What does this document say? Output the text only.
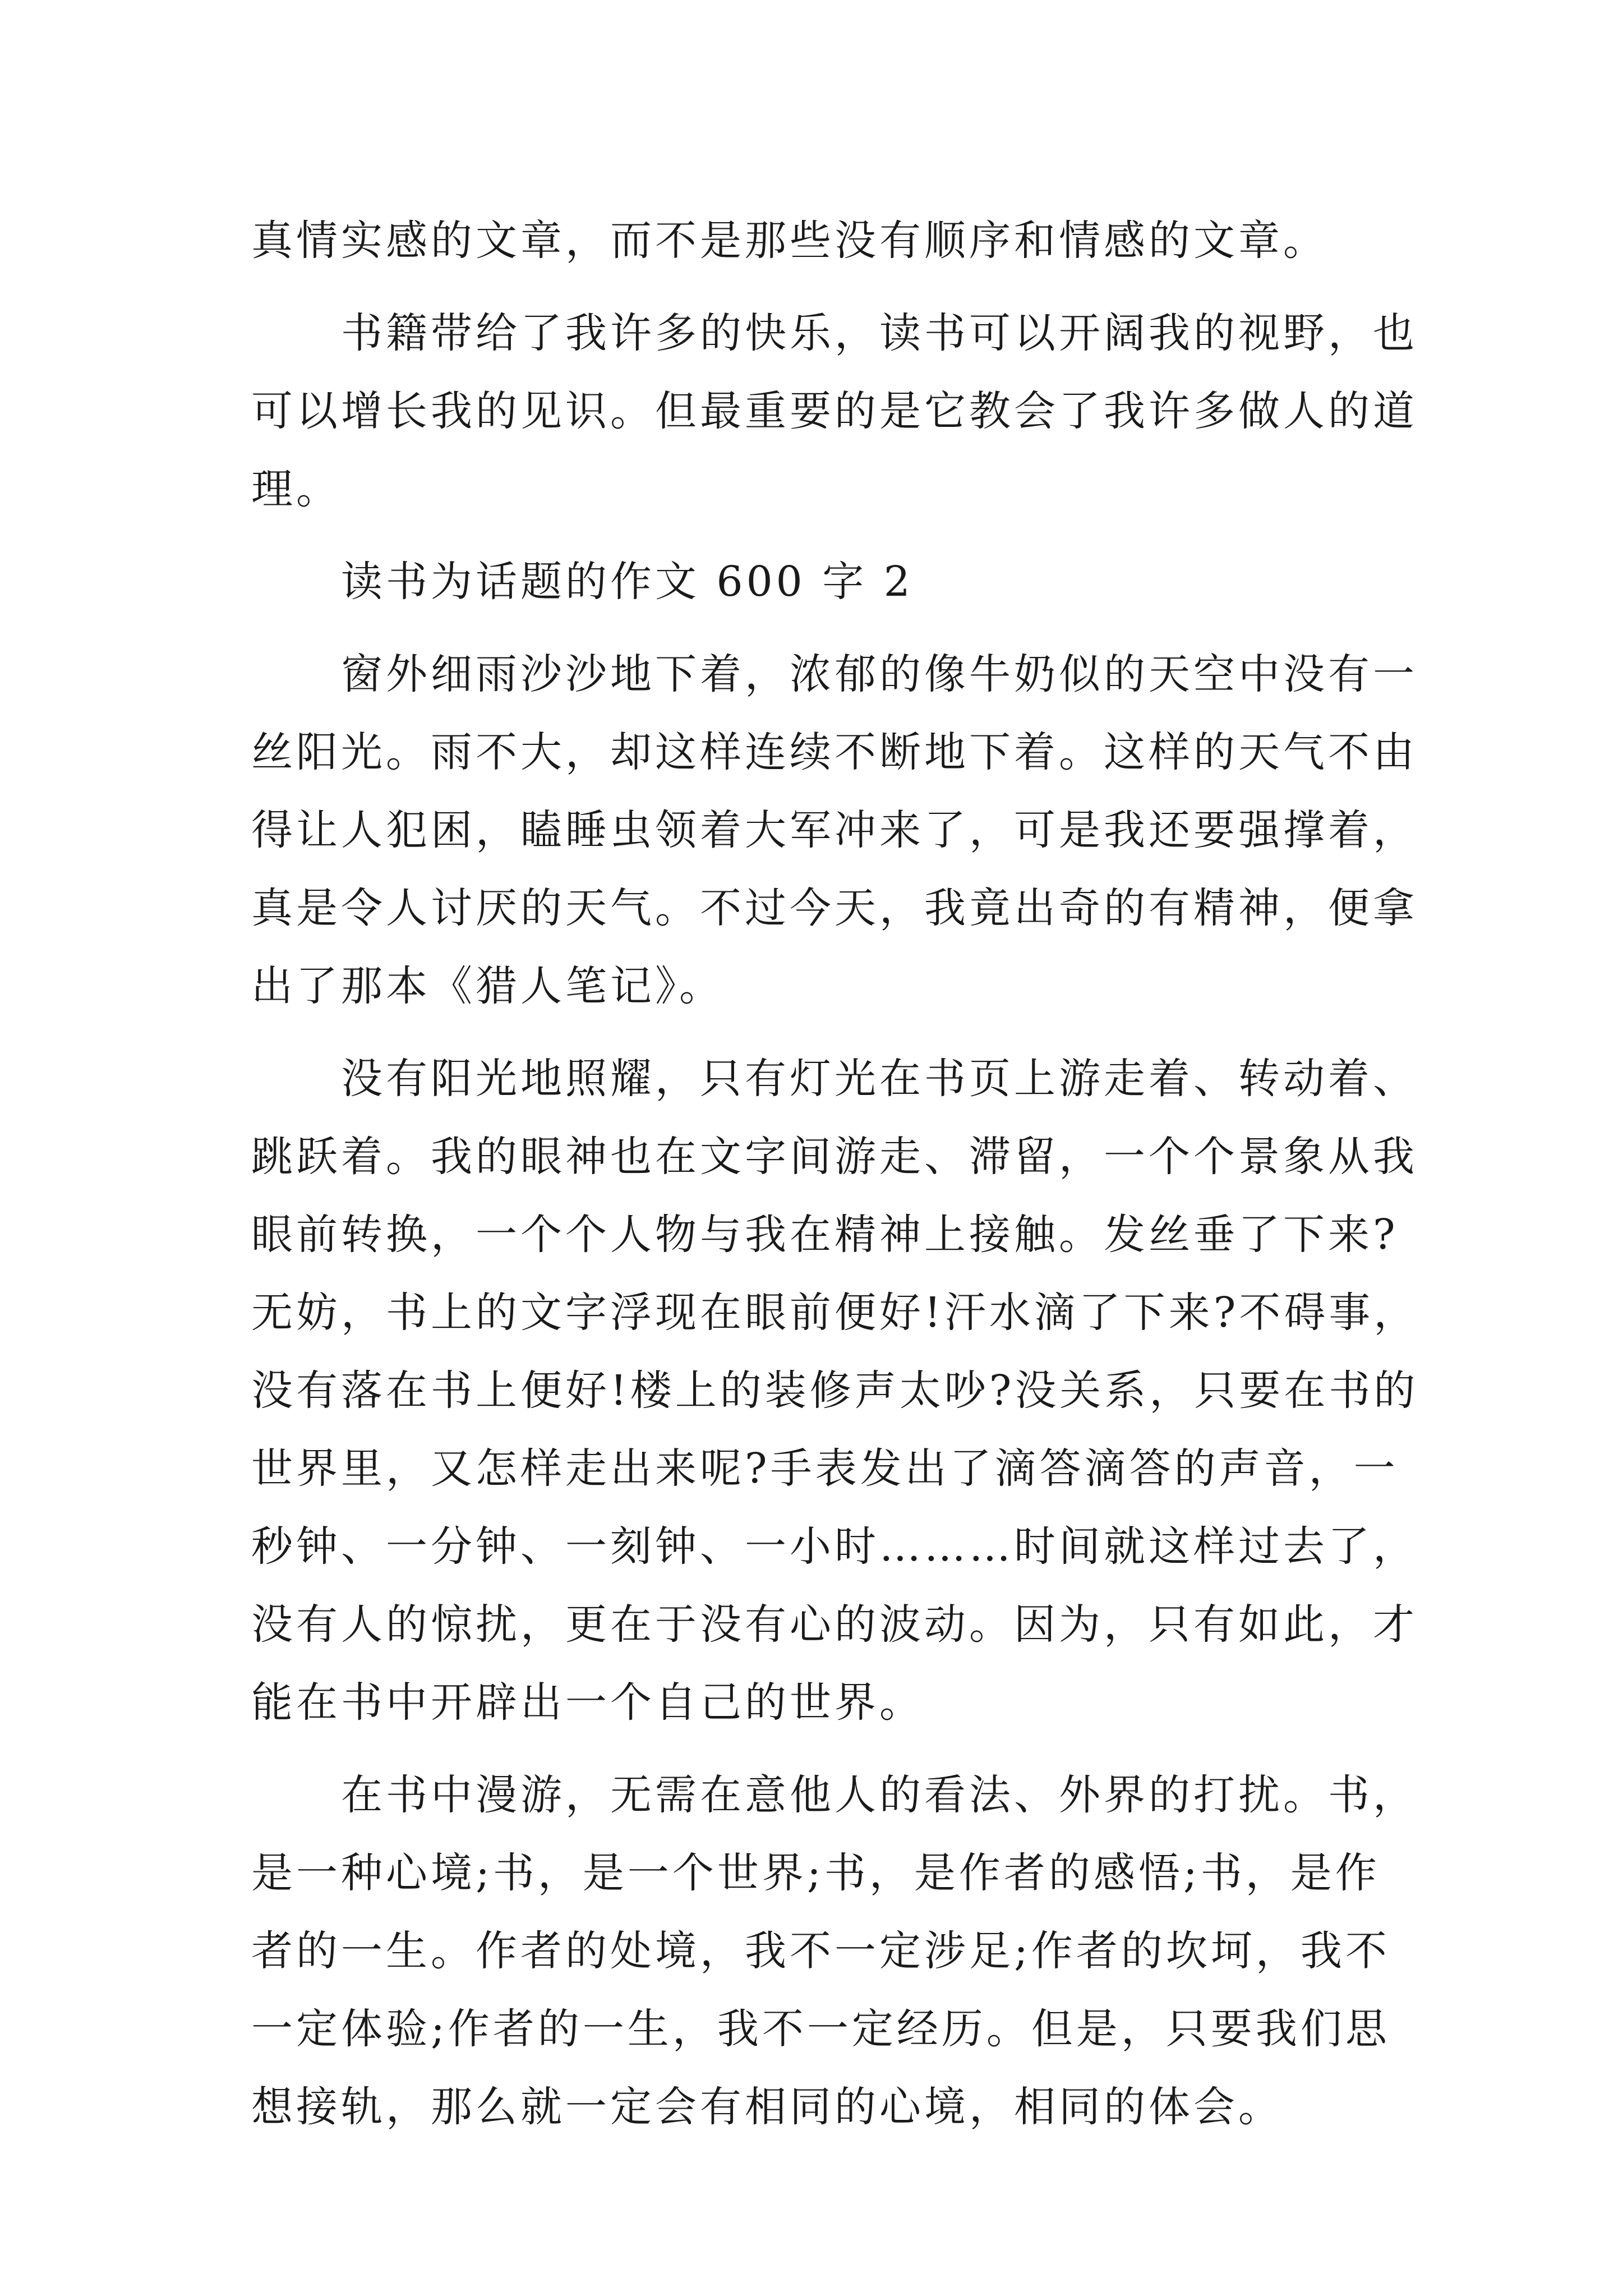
真情实感的文章，而不是那些没有顺序和情感的文章。
书籍带给了我许多的快乐，读书可以开阔我的视野，也
可以增长我的见识。但最重要的是它教会了我许多做人的道
理。
读书为话题的作文 600 字 2
窗外细雨沙沙地下着，浓郁的像牛奶似的天空中没有一
丝阳光。雨不大，却这样连续不断地下着。这样的天气不由
得让人犯困，瞌睡虫领着大军冲来了，可是我还要强撑着，
真是令人讨厌的天气。不过今天，我竟出奇的有精神，便拿
出了那本《猎人笔记》。
没有阳光地照耀，只有灯光在书页上游走着、转动着、
跳跃着。我的眼神也在文字间游走、滞留，一个个景象从我
眼前转换，一个个人物与我在精神上接触。发丝垂了下来?
无妨，书上的文字浮现在眼前便好!汗水滴了下来?不碍事，
没有落在书上便好!楼上的装修声太吵?没关系，只要在书的
世界里，又怎样走出来呢?手表发出了滴答滴答的声音，一
秒钟、一分钟、一刻钟、一小时………时间就这样过去了，
没有人的惊扰，更在于没有心的波动。因为，只有如此，才
能在书中开辟出一个自己的世界。
在书中漫游，无需在意他人的看法、外界的打扰。书，
是一种心境;书，是一个世界;书，是作者的感悟;书，是作
者的一生。作者的处境，我不一定涉足;作者的坎坷，我不
一定体验;作者的一生，我不一定经历。但是，只要我们思
想接轨，那么就一定会有相同的心境，相同的体会。
